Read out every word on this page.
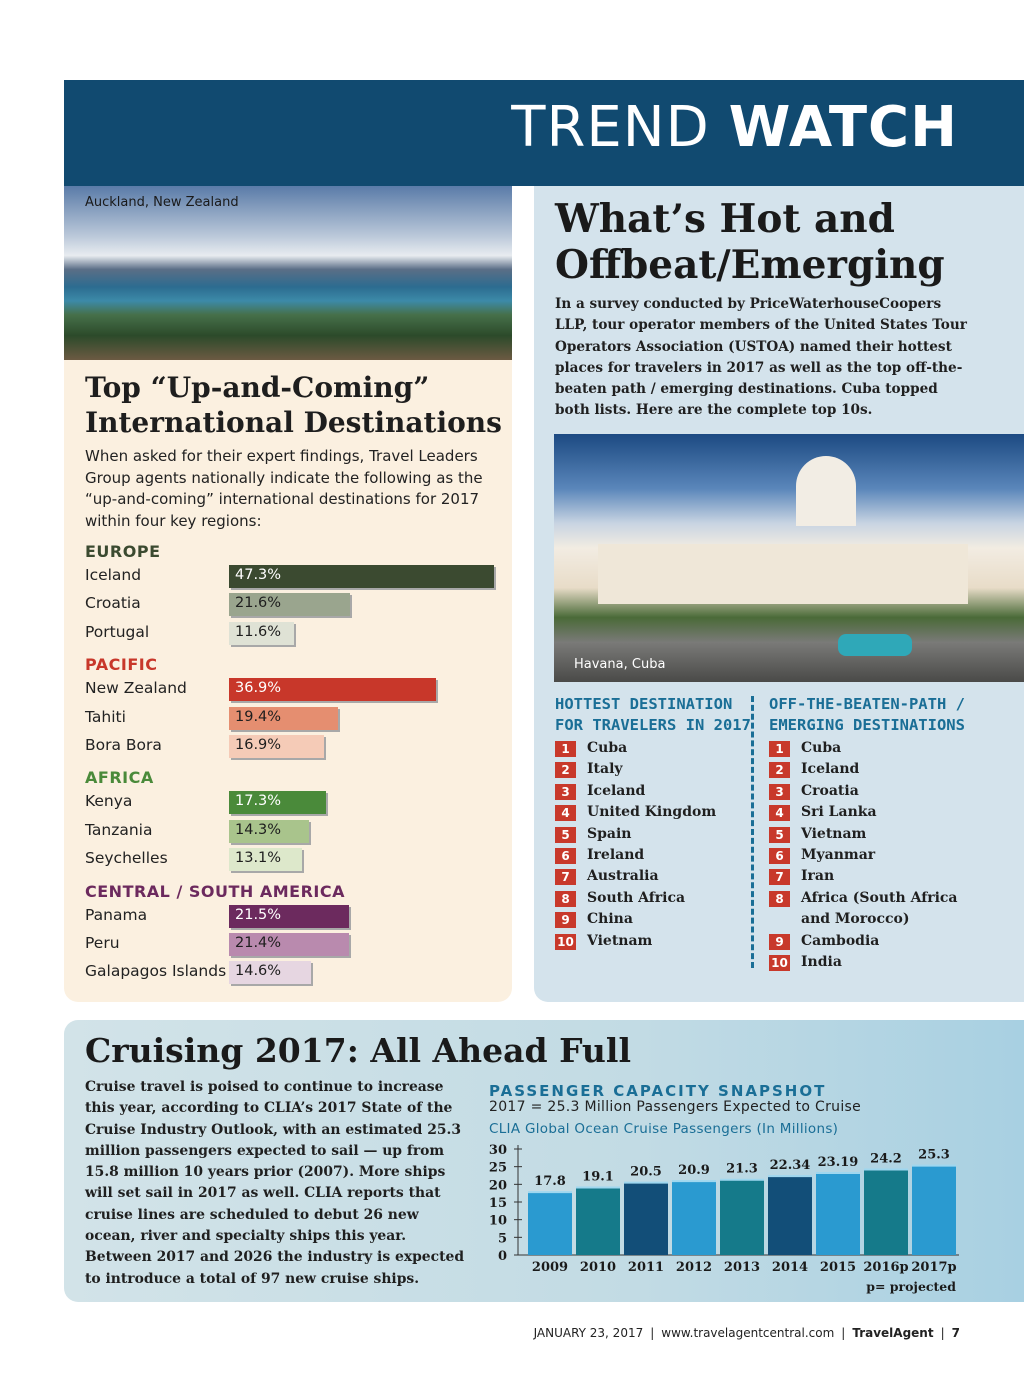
TREND WATCH
Auckland, New Zealand
Top “Up-and-Coming”
International Destinations
When asked for their expert findings, Travel Leaders Group agents nationally indicate the following as the “up-and-coming” international destinations for 2017 within four key regions:
EUROPE
Iceland	47.3%
Croatia	21.6%
Portugal	11.6%
PACIFIC
New Zealand	36.9%
Tahiti	19.4%
Bora Bora	16.9%
AFRICA
Kenya	17.3%
Tanzania	14.3%
Seychelles	13.1%
CENTRAL / SOUTH AMERICA
Panama	21.5%
Peru	21.4%
Galapagos Islands 14.6%
What’s Hot and
Offbeat/Emerging
In a survey conducted by PriceWaterhouseCoopers LLP, tour operator members of the United States Tour Operators Association (USTOA) named their hottest places for travelers in 2017 as well as the top off-the-beaten path / emerging destinations. Cuba topped both lists. Here are the complete top 10s.
Havana, Cuba
HOTTEST DESTINATION
FOR TRAVELERS IN 2017
OFF-THE-BEATEN-PATH /
EMERGING DESTINATIONS
1	Cuba
2	Italy
3	Iceland
4	United Kingdom
5	Spain
6	Ireland
7	Australia
8	South Africa
9	China
10 Vietnam
1	Cuba
2	Iceland
3	Croatia
4	Sri Lanka
5	Vietnam
6	Myanmar
7	Iran
8	Africa (South Africa
and Morocco)
9	Cambodia
10 India
Cruising 2017: All Ahead Full
Cruise travel is poised to continue to increase this year, according to CLIA’s 2017 State of the Cruise Industry Outlook, with an estimated 25.3 million passengers expected to sail — up from 15.8 million 10 years prior (2007). More ships will set sail in 2017 as well. CLIA reports that cruise lines are scheduled to debut 26 new ocean, river and specialty ships this year. Between 2017 and 2026 the industry is expected to introduce a total of 97 new cruise ships.
PASSENGER CAPACITY SNAPSHOT
2017 = 25.3 Million Passengers Expected to Cruise
CLIA Global Ocean Cruise Passengers (In Millions)
0
5
10
15
20
25
30
17.8
2009
19.1
2010
20.5
2011
20.9
2012
21.3
2013
22.34
2014
23.19
2015
24.2
2016p
25.3
2017p
p= projected
JANUARY 23, 2017 | www.travelagentcentral.com | TravelAgent | 7
